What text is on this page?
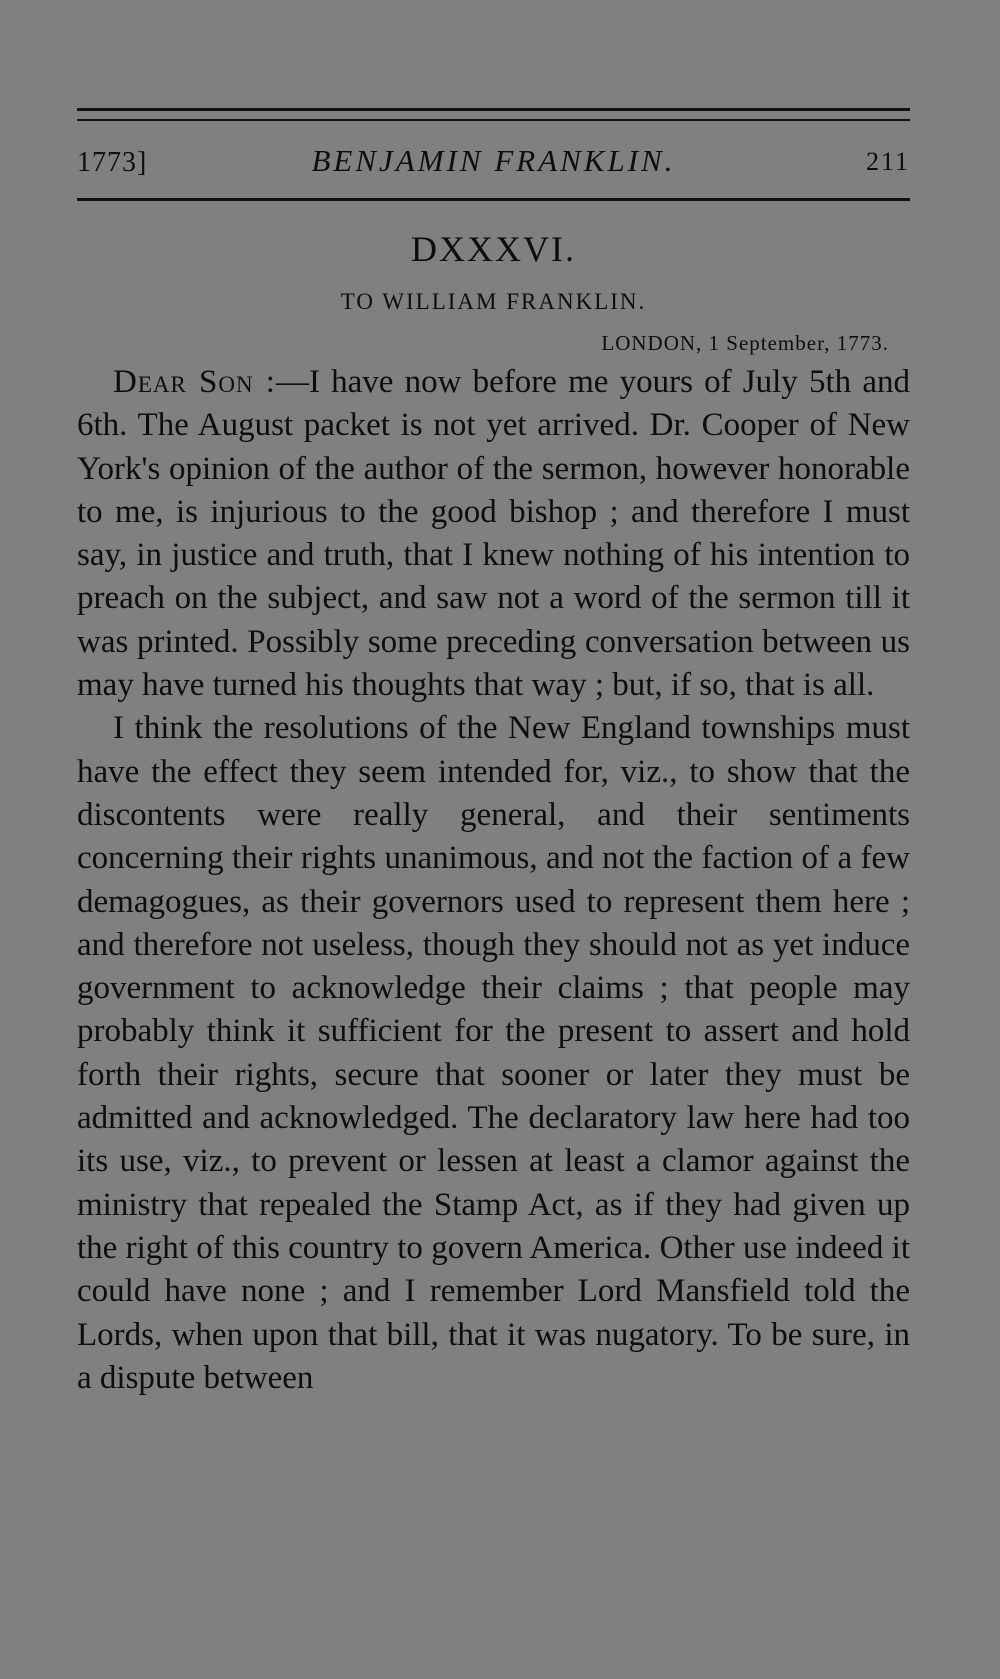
1773]	BENJAMIN FRANKLIN.	211
DXXXVI.
TO WILLIAM FRANKLIN.
LONDON, 1 September, 1773.

Dear Son :—I have now before me yours of July 5th and 6th. The August packet is not yet arrived. Dr. Cooper of New York's opinion of the author of the sermon, however honorable to me, is injurious to the good bishop ; and therefore I must say, in justice and truth, that I knew nothing of his intention to preach on the subject, and saw not a word of the sermon till it was printed. Possibly some preceding conversation between us may have turned his thoughts that way ; but, if so, that is all.

I think the resolutions of the New England townships must have the effect they seem intended for, viz., to show that the discontents were really general, and their sentiments concerning their rights unanimous, and not the faction of a few demagogues, as their governors used to represent them here ; and therefore not useless, though they should not as yet induce government to acknowledge their claims ; that people may probably think it sufficient for the present to assert and hold forth their rights, secure that sooner or later they must be admitted and acknowledged. The declaratory law here had too its use, viz., to prevent or lessen at least a clamor against the ministry that repealed the Stamp Act, as if they had given up the right of this country to govern America. Other use indeed it could have none ; and I remember Lord Mansfield told the Lords, when upon that bill, that it was nugatory. To be sure, in a dispute between
